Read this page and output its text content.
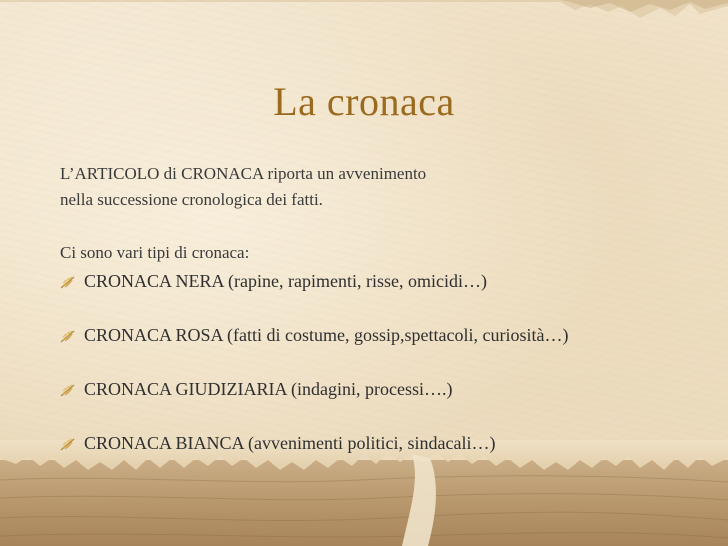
La cronaca
L’ARTICOLO di CRONACA riporta un avvenimento
nella successione cronologica dei fatti.
Ci sono vari tipi di cronaca:
CRONACA NERA (rapine, rapimenti, risse, omicidi…)
CRONACA ROSA (fatti di costume, gossip,spettacoli, curiosità…)
CRONACA GIUDIZIARIA (indagini, processi….)
CRONACA BIANCA (avvenimenti politici, sindacali…)
